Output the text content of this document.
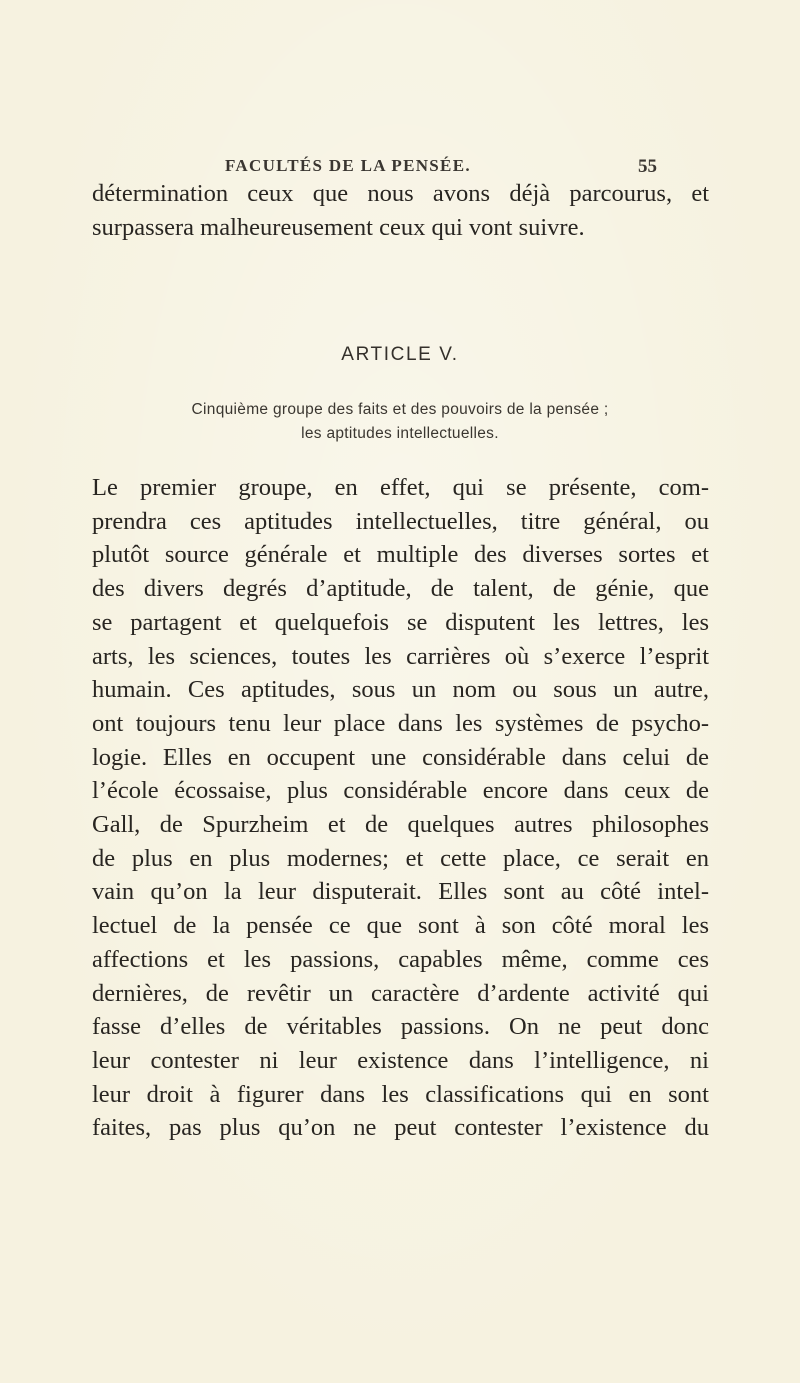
FACULTÉS DE LA PENSÉE.	55

détermination ceux que nous avons déjà parcourus, et
surpassera malheureusement ceux qui vont suivre.

ARTICLE V.
Cinquième groupe des faits et des pouvoirs de la pensée ;
les aptitudes intellectuelles.

Le premier groupe, en effet, qui se présente, com-
prendra ces aptitudes intellectuelles, titre général, ou
plutôt source générale et multiple des diverses sortes et
des divers degrés d’aptitude, de talent, de génie, que
se partagent et quelquefois se disputent les lettres, les
arts, les sciences, toutes les carrières où s’exerce l’esprit
humain. Ces aptitudes, sous un nom ou sous un autre,
ont toujours tenu leur place dans les systèmes de psycho-
logie. Elles en occupent une considérable dans celui de
l’école écossaise, plus considérable encore dans ceux de
Gall, de Spurzheim et de quelques autres philosophes
de plus en plus modernes; et cette place, ce serait en
vain qu’on la leur disputerait. Elles sont au côté intel-
lectuel de la pensée ce que sont à son côté moral les
affections et les passions, capables même, comme ces
dernières, de revêtir un caractère d’ardente activité qui
fasse d’elles de véritables passions. On ne peut donc
leur contester ni leur existence dans l’intelligence, ni
leur droit à figurer dans les classifications qui en sont
faites, pas plus qu’on ne peut contester l’existence du
